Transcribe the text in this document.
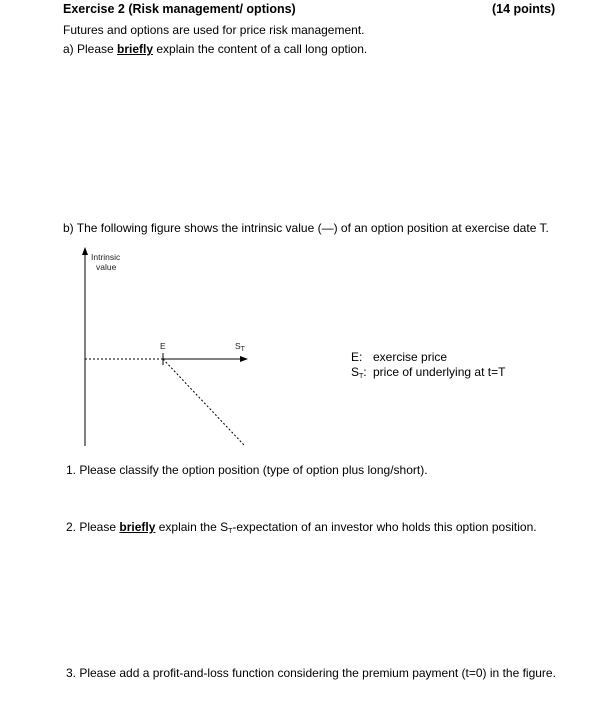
Exercise 2 (Risk management/ options)	(14 points)
Futures and options are used for price risk management.
a) Please briefly explain the content of a call long option.
b) The following figure shows the intrinsic value (—) of an option position at exercise date T.
Intrinsic
value
E	$S_T$
E: exercise price
ST: price of underlying at t=T
1. Please classify the option position (type of option plus long/short).
2. Please briefly explain the ST-expectation of an investor who holds this option position.
3. Please add a profit-and-loss function considering the premium payment (t=0) in the figure.
